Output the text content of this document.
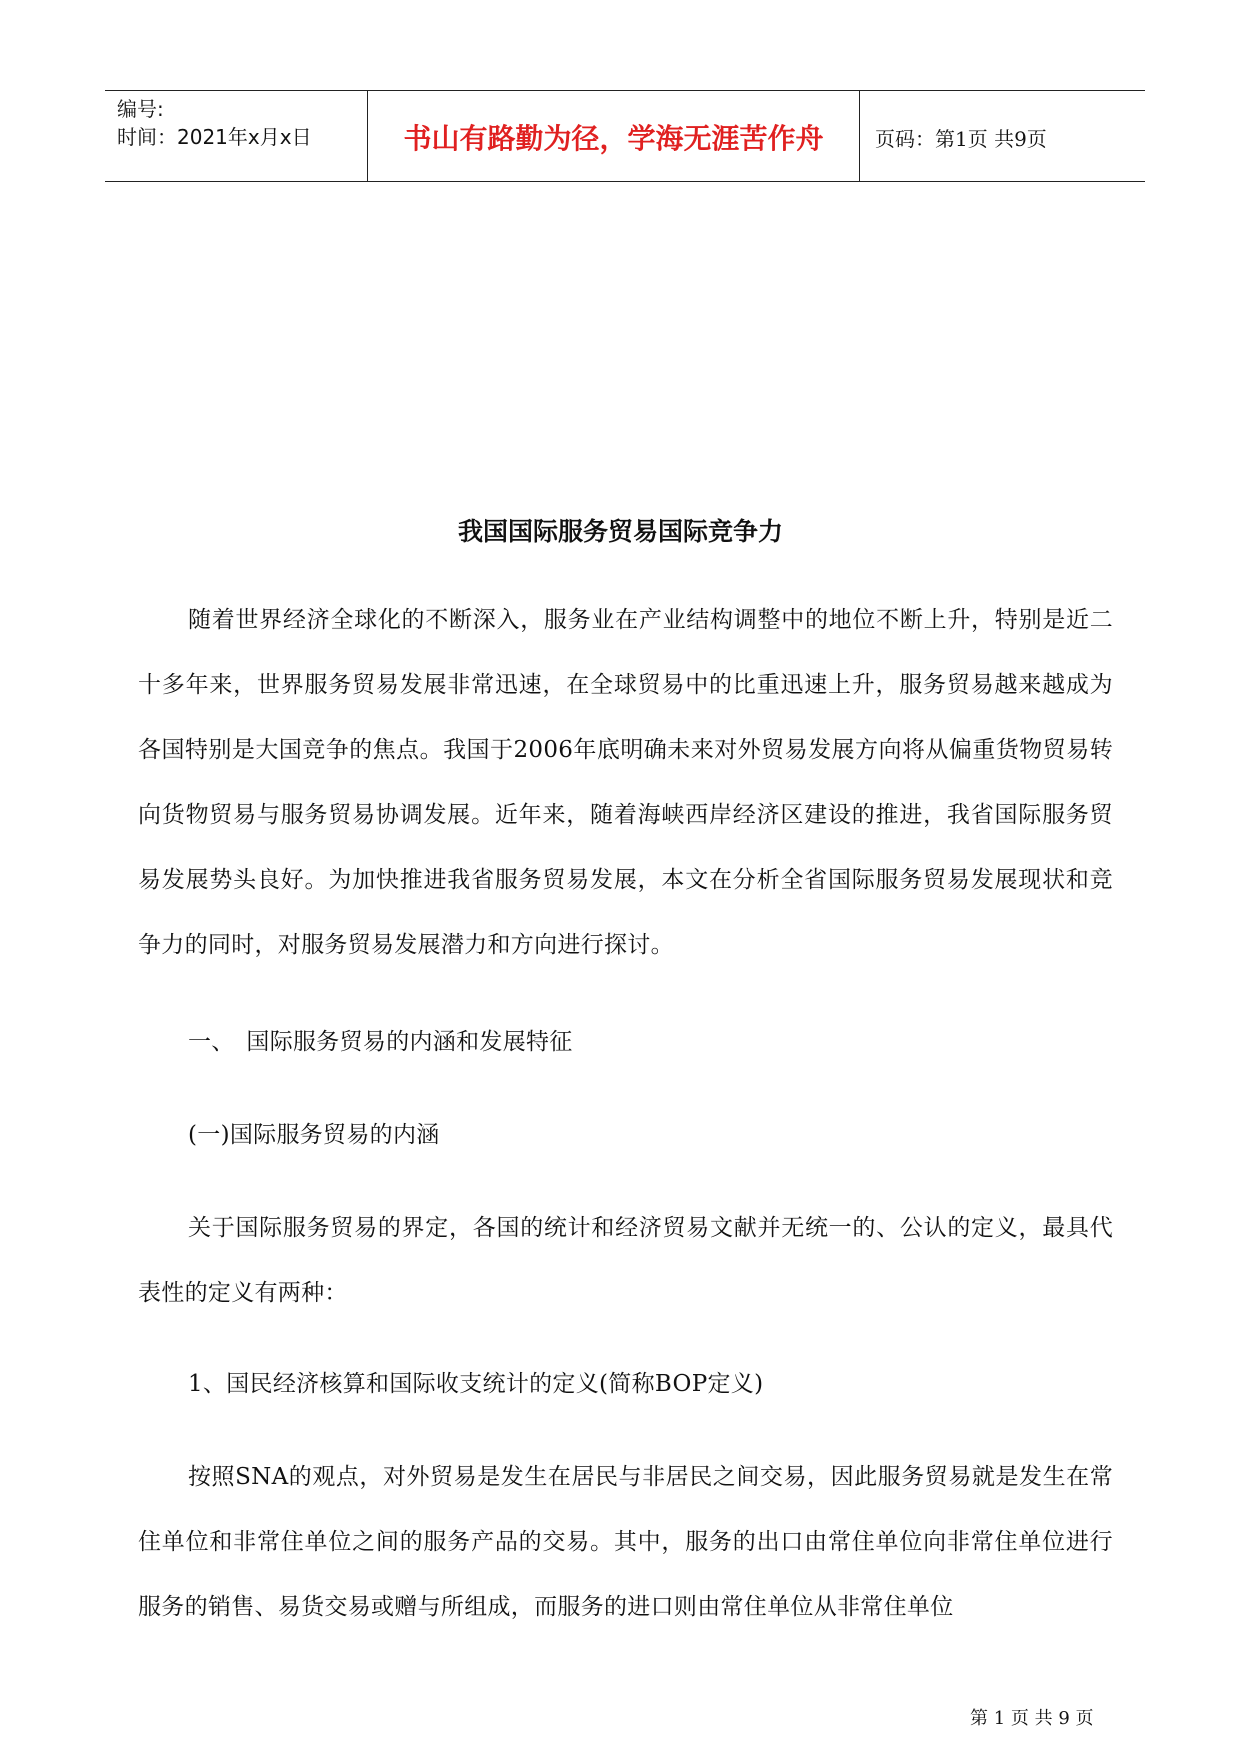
编号:
时间：2021年x月x日	书山有路勤为径，学海无涯苦作舟	页码：第1页 共9页
我国国际服务贸易国际竞争力

随着世界经济全球化的不断深入，服务业在产业结构调整中的地位不断上升，特别是近二十多年来，世界服务贸易发展非常迅速，在全球贸易中的比重迅速上升，服务贸易越来越成为各国特别是大国竞争的焦点。我国于2006年底明确未来对外贸易发展方向将从偏重货物贸易转向货物贸易与服务贸易协调发展。近年来，随着海峡西岸经济区建设的推进，我省国际服务贸易发展势头良好。为加快推进我省服务贸易发展，本文在分析全省国际服务贸易发展现状和竞争力的同时，对服务贸易发展潜力和方向进行探讨。

一、　国际服务贸易的内涵和发展特征

(一)国际服务贸易的内涵

关于国际服务贸易的界定，各国的统计和经济贸易文献并无统一的、公认的定义，最具代表性的定义有两种：

1、国民经济核算和国际收支统计的定义(简称BOP定义)

按照SNA的观点，对外贸易是发生在居民与非居民之间交易，因此服务贸易就是发生在常住单位和非常住单位之间的服务产品的交易。其中，服务的出口由常住单位向非常住单位进行服务的销售、易货交易或赠与所组成，而服务的进口则由常住单位从非常住单位

第 1 页 共 9 页
